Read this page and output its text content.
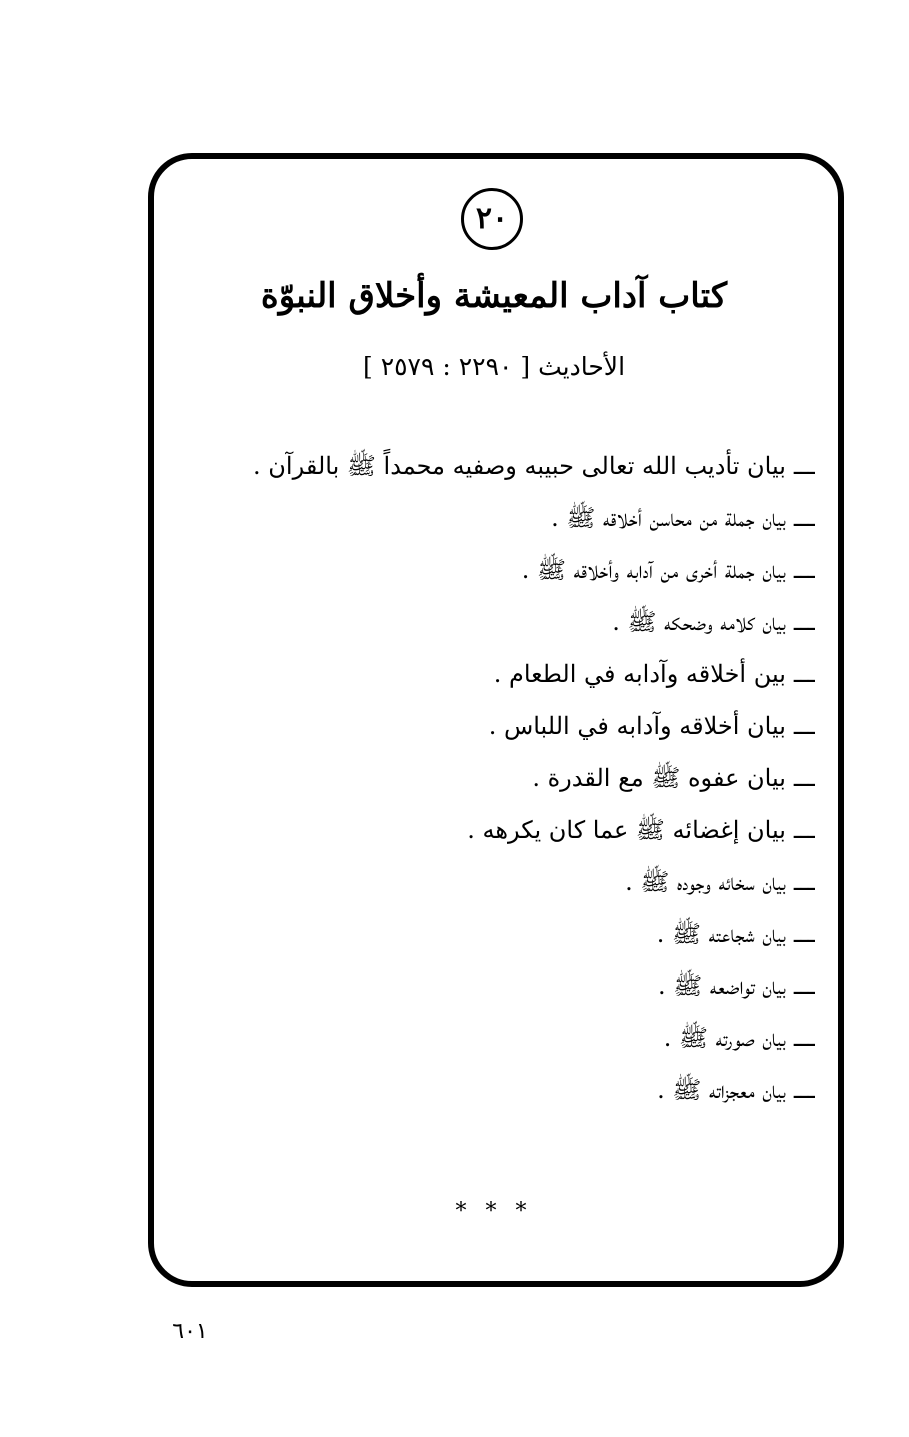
٢٠
كتاب آداب المعيشة وأخلاق النبوّة
الأحاديث [ ٢٢٩٠ : ٢٥٧٩ ]
ـــبيان تأديب الله تعالى حبيبه وصفيه محمداً ﷺ بالقرآن .
ـــبيان جملة من محاسن أخلاقه ﷺ .
ـــبيان جملة أخرى من آدابه وأخلاقه ﷺ .
ـــبيان كلامه وضحكه ﷺ .
ـــبين أخلاقه وآدابه في الطعام .
ـــبيان أخلاقه وآدابه في اللباس .
ـــبيان عفوه ﷺ مع القدرة .
ـــبيان إغضائه ﷺ عما كان يكرهه .
ـــبيان سخائه وجوده ﷺ .
ـــبيان شجاعته ﷺ .
ـــبيان تواضعه ﷺ .
ـــبيان صورته ﷺ .
ـــبيان معجزاته ﷺ .
* * *
٦٠١
